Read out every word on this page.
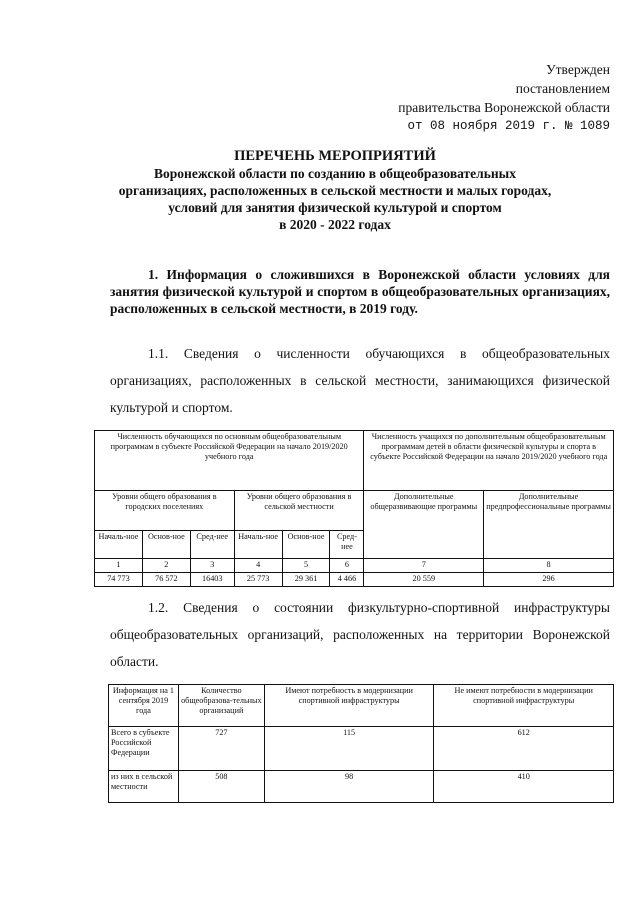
Утвержден
постановлением
правительства Воронежской области
от 08 ноября 2019 г. № 1089
ПЕРЕЧЕНЬ МЕРОПРИЯТИЙ
Воронежской области по созданию в общеобразовательных
организациях, расположенных в сельской местности и малых городах,
условий для занятия физической культурой и спортом
в 2020 - 2022 годах
1. Информация о сложившихся в Воронежской области условиях для занятия физической культурой и спортом в общеобразовательных организациях, расположенных в сельской местности, в 2019 году.
1.1. Сведения о численности обучающихся в общеобразовательных организациях, расположенных в сельской местности, занимающихся физической культурой и спортом.
Численность обучающихся по основным общеобразовательным программам в субъекте Российской Федерации на начало 2019/2020 учебного года						Численность учащихся по дополнительным общеобразовательным программам детей в области физической культуры и спорта в субъекте Российской Федерации на начало 2019/2020 учебного года	
Уровни общего образования в городских поселениях			Уровни общего образования в сельской местности			Дополнительные общеразвивающие программы	Дополнительные предпрофессиональные программы
Началь-ное	Основ-ное	Сред-нее	Началь-ное	Основ-ное	Сред-нее		
1	2	3	4	5	6	7	8
74 773	76 572	16403	25 773	29 361	4 466	20 559	296
1.2. Сведения о состоянии физкультурно-спортивной инфраструктуры общеобразовательных организаций, расположенных на территории Воронежской области.
Информация на 1 сентября 2019 года	Количество общеобразова-тельных организаций	Имеют потребность в модернизации спортивной инфраструктуры	Не имеют потребности в модернизации спортивной инфраструктуры
Всего в субъекте Российской Федерации	727	115	612
из них в сельской местности	508	98	410
